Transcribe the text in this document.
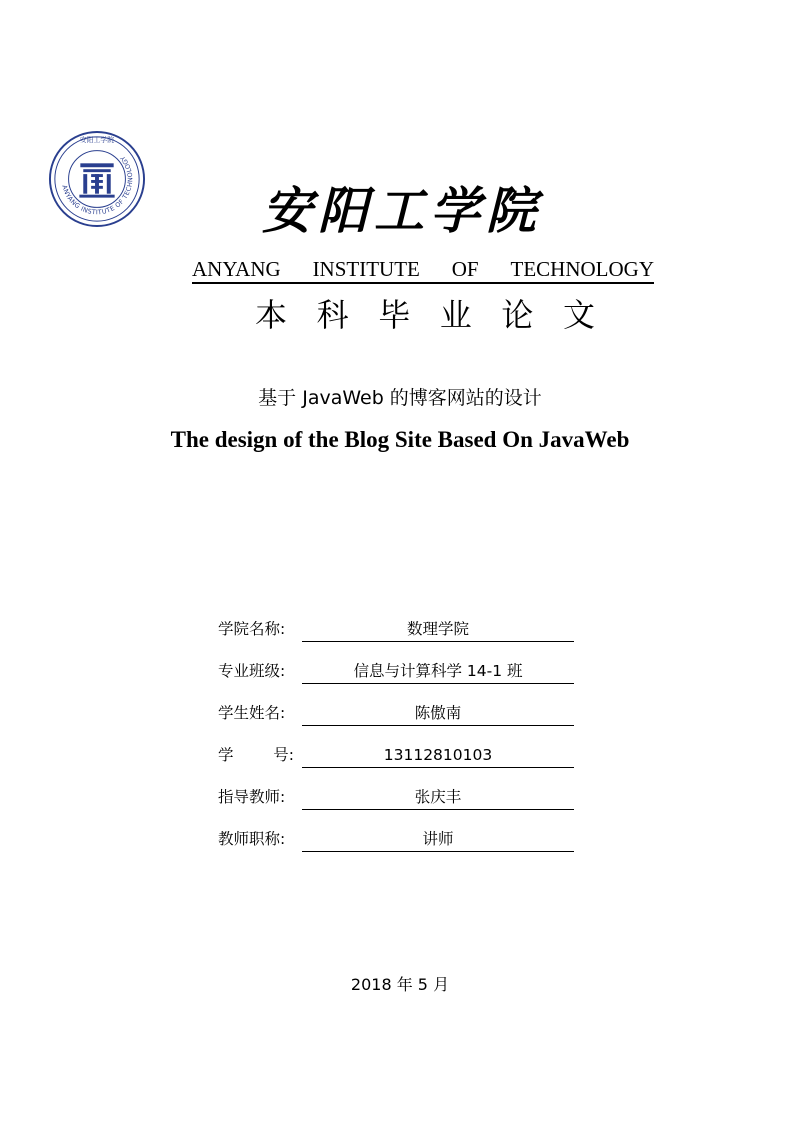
ANYANG INSTITUTE OF TECHNOLOGY
安阳工学院
安阳工学院
ANYANG INSTITUTE OF TECHNOLOGY
本 科 毕 业 论 文
基于 JavaWeb 的博客网站的设计
The design of the Blog Site Based On JavaWeb
学院名称:	数理学院
专业班级:	信息与计算科学 14-1 班
学生姓名:	陈傲南
学	号:	13112810103
指导教师:	张庆丰
教师职称:	讲师
2018 年 5 月
